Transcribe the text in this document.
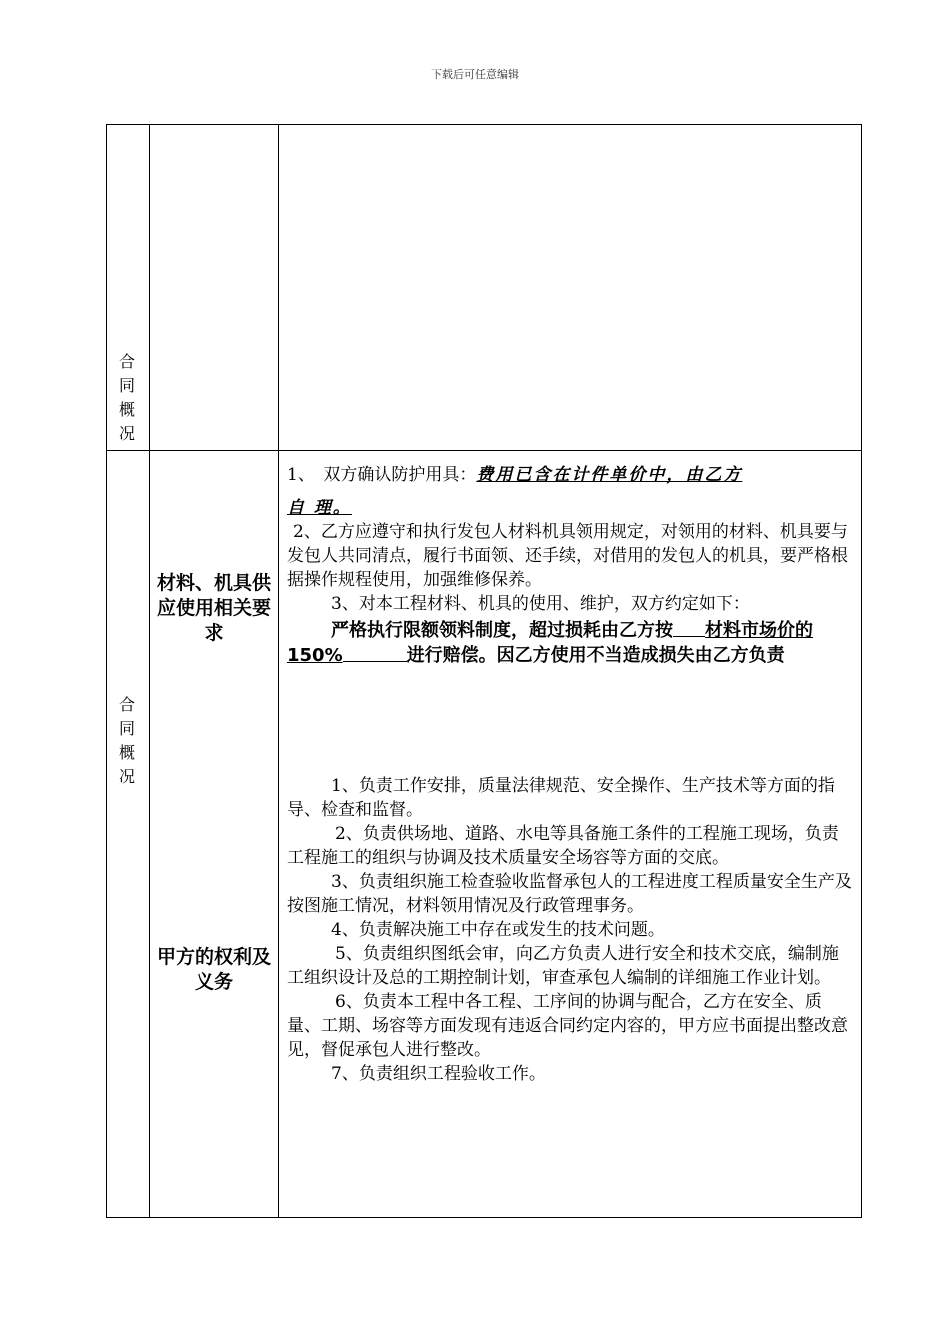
下载后可任意编辑
合
同
概
况
合
同
概
况
材料、机具供应使用相关要求
甲方的权利及义务

1、　双方确认防护用具：费用已含在计件单价中，由乙方

自 理。

2、乙方应遵守和执行发包人材料机具领用规定，对领用的材料、机具要与发包人共同清点，履行书面领、还手续，对借用的发包人的机具，要严格根据操作规程使用，加强维修保养。

3、对本工程材料、机具的使用、维护，双方约定如下：

严格执行限额领料制度，超过损耗由乙方按 材料市场价的 150%	进行赔偿。因乙方使用不当造成损失由乙方负责

1、负责工作安排，质量法律规范、安全操作、生产技术等方面的指导、检查和监督。

2、负责供场地、道路、水电等具备施工条件的工程施工现场，负责工程施工的组织与协调及技术质量安全场容等方面的交底。

3、负责组织施工检查验收监督承包人的工程进度工程质量安全生产及按图施工情况，材料领用情况及行政管理事务。

4、负责解决施工中存在或发生的技术问题。

5、负责组织图纸会审，向乙方负责人进行安全和技术交底，编制施工组织设计及总的工期控制计划，审查承包人编制的详细施工作业计划。

6、负责本工程中各工程、工序间的协调与配合，乙方在安全、质量、工期、场容等方面发现有违返合同约定内容的，甲方应书面提出整改意见，督促承包人进行整改。

7、负责组织工程验收工作。
